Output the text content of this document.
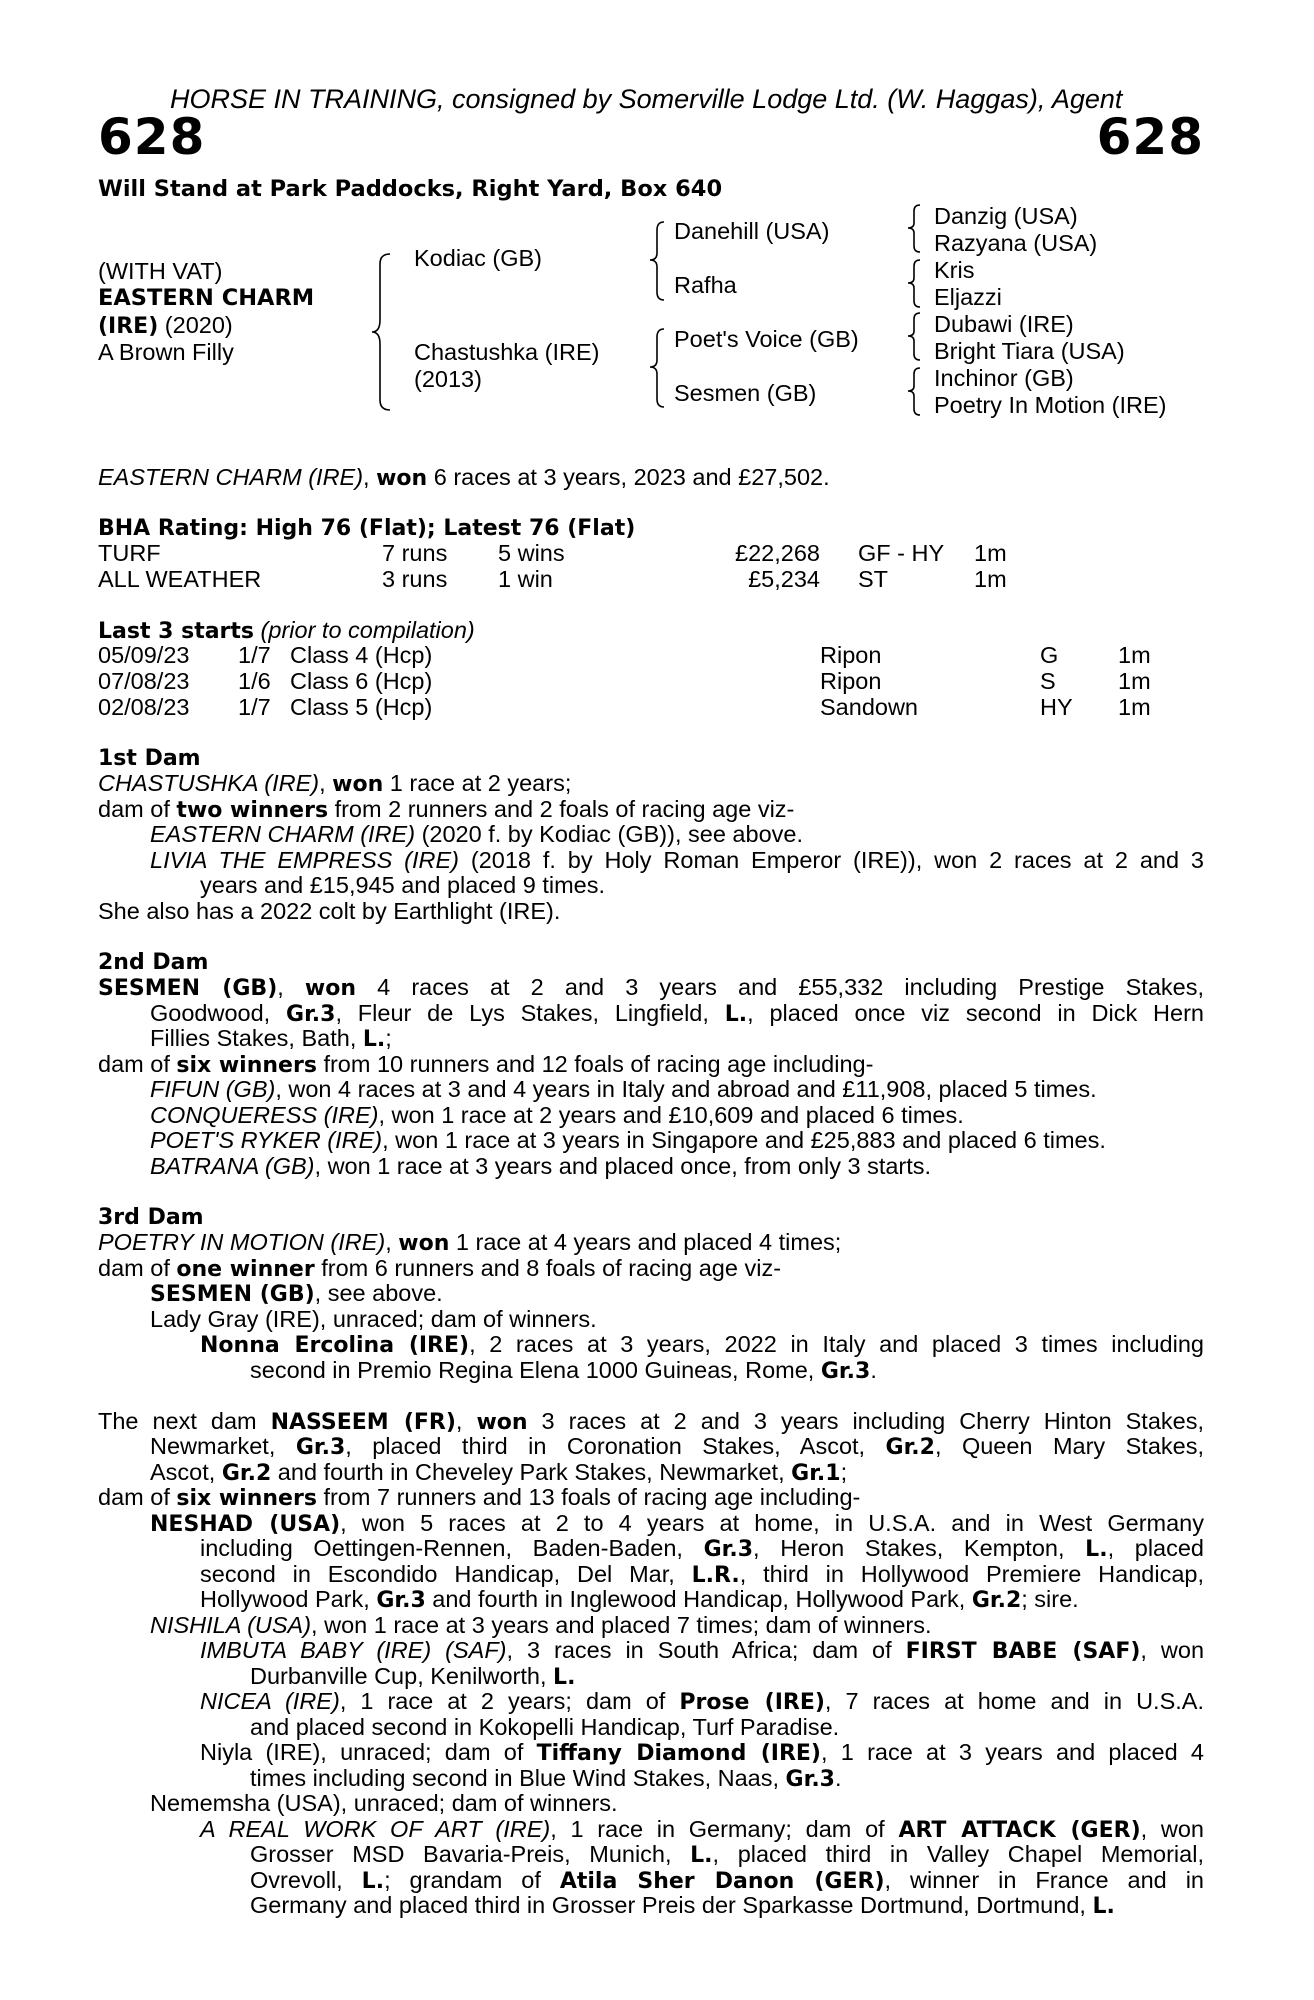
HORSE IN TRAINING, consigned by Somerville Lodge Ltd. (W. Haggas), Agent
628	628
Will Stand at Park Paddocks, Right Yard, Box 640
(WITH VAT)
EASTERN CHARM
(IRE) (2020)
A Brown Filly
Kodiac (GB)
Chastushka (IRE)
(2013)
Danehill (USA)
Rafha
Poet's Voice (GB)
Sesmen (GB)
Danzig (USA)
Razyana (USA)
Kris
Eljazzi
Dubawi (IRE)
Bright Tiara (USA)
Inchinor (GB)
Poetry In Motion (IRE)
EASTERN CHARM (IRE), won 6 races at 3 years, 2023 and £27,502.
BHA Rating: High 76 (Flat); Latest 76 (Flat)
TURF	7 runs 5 wins	£22,268 GF - HY 1m
ALL WEATHER	3 runs 1 win	£5,234 ST	1m
Last 3 starts (prior to compilation)
05/09/23 1/7 Class 4 (Hcp)	Ripon	G	1m
07/08/23 1/6 Class 6 (Hcp)	Ripon	S	1m
02/08/23 1/7 Class 5 (Hcp)	Sandown	HY 1m
1st Dam
CHASTUSHKA (IRE), won 1 race at 2 years;
dam of two winners from 2 runners and 2 foals of racing age viz-
EASTERN CHARM (IRE) (2020 f. by Kodiac (GB)), see above.
LIVIA THE EMPRESS (IRE) (2018 f. by Holy Roman Emperor (IRE)), won 2 races at 2 and 3
years and £15,945 and placed 9 times.
She also has a 2022 colt by Earthlight (IRE).
2nd Dam
SESMEN (GB), won 4 races at 2 and 3 years and £55,332 including Prestige Stakes,
Goodwood, Gr.3, Fleur de Lys Stakes, Lingfield, L., placed once viz second in Dick Hern
Fillies Stakes, Bath, L.;
dam of six winners from 10 runners and 12 foals of racing age including-
FIFUN (GB), won 4 races at 3 and 4 years in Italy and abroad and £11,908, placed 5 times.
CONQUERESS (IRE), won 1 race at 2 years and £10,609 and placed 6 times.
POET'S RYKER (IRE), won 1 race at 3 years in Singapore and £25,883 and placed 6 times.
BATRANA (GB), won 1 race at 3 years and placed once, from only 3 starts.
3rd Dam
POETRY IN MOTION (IRE), won 1 race at 4 years and placed 4 times;
dam of one winner from 6 runners and 8 foals of racing age viz-
SESMEN (GB), see above.
Lady Gray (IRE), unraced; dam of winners.
Nonna Ercolina (IRE), 2 races at 3 years, 2022 in Italy and placed 3 times including
second in Premio Regina Elena 1000 Guineas, Rome, Gr.3.
The next dam NASSEEM (FR), won 3 races at 2 and 3 years including Cherry Hinton Stakes,
Newmarket, Gr.3, placed third in Coronation Stakes, Ascot, Gr.2, Queen Mary Stakes,
Ascot, Gr.2 and fourth in Cheveley Park Stakes, Newmarket, Gr.1;
dam of six winners from 7 runners and 13 foals of racing age including-
NESHAD (USA), won 5 races at 2 to 4 years at home, in U.S.A. and in West Germany
including Oettingen-Rennen, Baden-Baden, Gr.3, Heron Stakes, Kempton, L., placed
second in Escondido Handicap, Del Mar, L.R., third in Hollywood Premiere Handicap,
Hollywood Park, Gr.3 and fourth in Inglewood Handicap, Hollywood Park, Gr.2; sire.
NISHILA (USA), won 1 race at 3 years and placed 7 times; dam of winners.
IMBUTA BABY (IRE) (SAF), 3 races in South Africa; dam of FIRST BABE (SAF), won
Durbanville Cup, Kenilworth, L.
NICEA (IRE), 1 race at 2 years; dam of Prose (IRE), 7 races at home and in U.S.A.
and placed second in Kokopelli Handicap, Turf Paradise.
Niyla (IRE), unraced; dam of Tiffany Diamond (IRE), 1 race at 3 years and placed 4
times including second in Blue Wind Stakes, Naas, Gr.3.
Nememsha (USA), unraced; dam of winners.
A REAL WORK OF ART (IRE), 1 race in Germany; dam of ART ATTACK (GER), won
Grosser MSD Bavaria-Preis, Munich, L., placed third in Valley Chapel Memorial,
Ovrevoll, L.; grandam of Atila Sher Danon (GER), winner in France and in
Germany and placed third in Grosser Preis der Sparkasse Dortmund, Dortmund, L.
